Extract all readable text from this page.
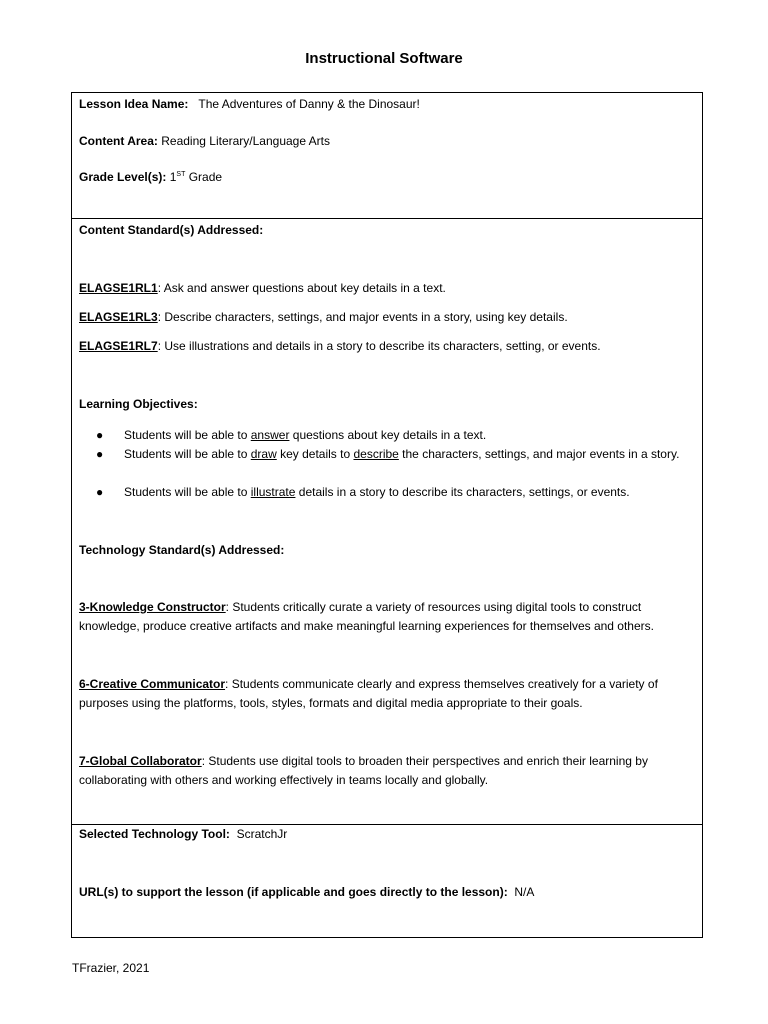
Instructional Software
Lesson Idea Name: The Adventures of Danny & the Dinosaur!
Content Area: Reading Literary/Language Arts
Grade Level(s): 1ST Grade
Content Standard(s) Addressed:
ELAGSE1RL1: Ask and answer questions about key details in a text.
ELAGSE1RL3: Describe characters, settings, and major events in a story, using key details.
ELAGSE1RL7: Use illustrations and details in a story to describe its characters, setting, or events.
Learning Objectives:
● Students will be able to answer questions about key details in a text.
● Students will be able to draw key details to describe the characters, settings, and major events in a story.
● Students will be able to illustrate details in a story to describe its characters, settings, or events.
Technology Standard(s) Addressed:
3-Knowledge Constructor: Students critically curate a variety of resources using digital tools to construct
knowledge, produce creative artifacts and make meaningful learning experiences for themselves and others.
6-Creative Communicator: Students communicate clearly and express themselves creatively for a variety of
purposes using the platforms, tools, styles, formats and digital media appropriate to their goals.
7-Global Collaborator: Students use digital tools to broaden their perspectives and enrich their learning by
collaborating with others and working effectively in teams locally and globally.
Selected Technology Tool: ScratchJr
URL(s) to support the lesson (if applicable and goes directly to the lesson): N/A
TFrazier, 2021
